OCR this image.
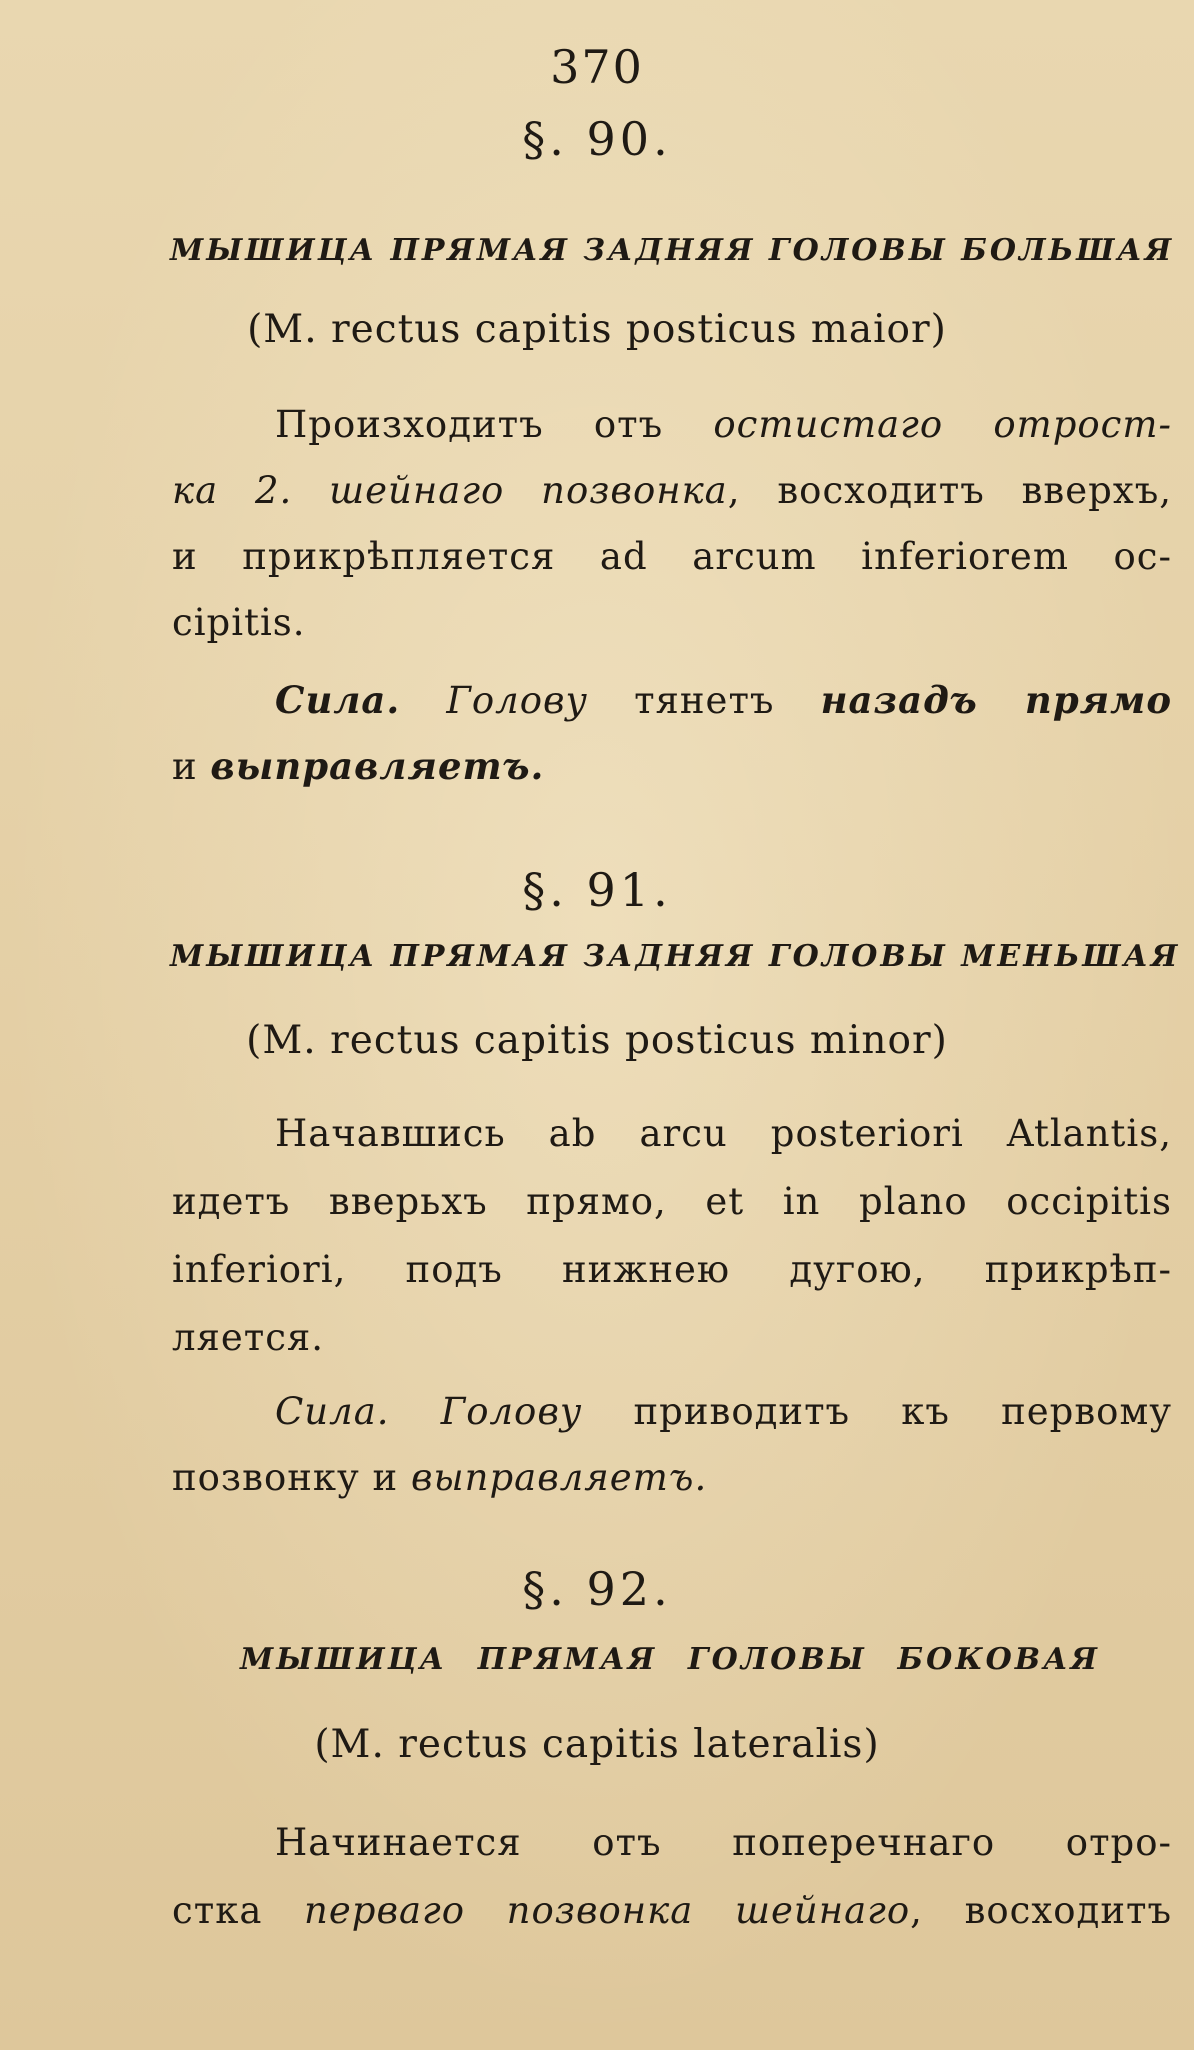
370
§. 90.
МЫШИЦА ПРЯМАЯ ЗАДНЯЯ ГОЛОВЫ БОЛЬШАЯ
(M. rectus capitis posticus maior)
Произходитъ отъ остистаго отрост-
ка 2. шейнаго позвонка, восходитъ вверхъ,
и прикрѣпляется ad arcum inferiorem oc-
cipitis.
Сила. Голову тянетъ назадъ прямо
и выправляетъ.
§. 91.
МЫШИЦА ПРЯМАЯ ЗАДНЯЯ ГОЛОВЫ МЕНЬШАЯ
(M. rectus capitis posticus minor)
Начавшись ab arcu posteriori Atlantis,
идетъ вверьхъ прямо, et in plano occipitis
inferiori, подъ нижнею дугою, прикрѣп-
ляется.
Сила. Голову приводитъ къ первому
позвонку и выправляетъ.
§. 92.
МЫШИЦА ПРЯМАЯ ГОЛОВЫ БОКОВАЯ
(M. rectus capitis lateralis)
Начинается отъ поперечнаго отро-
стка перваго позвонка шейнаго, восходитъ
